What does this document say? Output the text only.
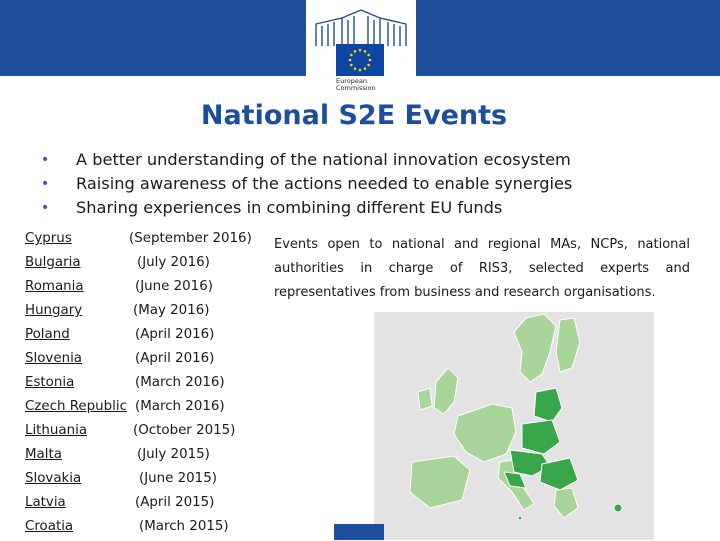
European
Commission
National S2E Events
• A better understanding of the national innovation ecosystem
• Raising awareness of the actions needed to enable synergies
• Sharing experiences in combining different EU funds
Cyprus	(September 2016)
Bulgaria	(July 2016)
Romania	(June 2016)
Hungary	(May 2016)
Poland	(April 2016)
Slovenia	(April 2016)
Estonia	(March 2016)
Czech Republic (March 2016)
Lithuania	(October 2015)
Malta	(July 2015)
Slovakia	(June 2015)
Latvia	(April 2015)
Croatia	(March 2015)
Events open to national and regional MAs, NCPs, national authorities in charge of RIS3, selected experts and representatives from business and research organisations.
